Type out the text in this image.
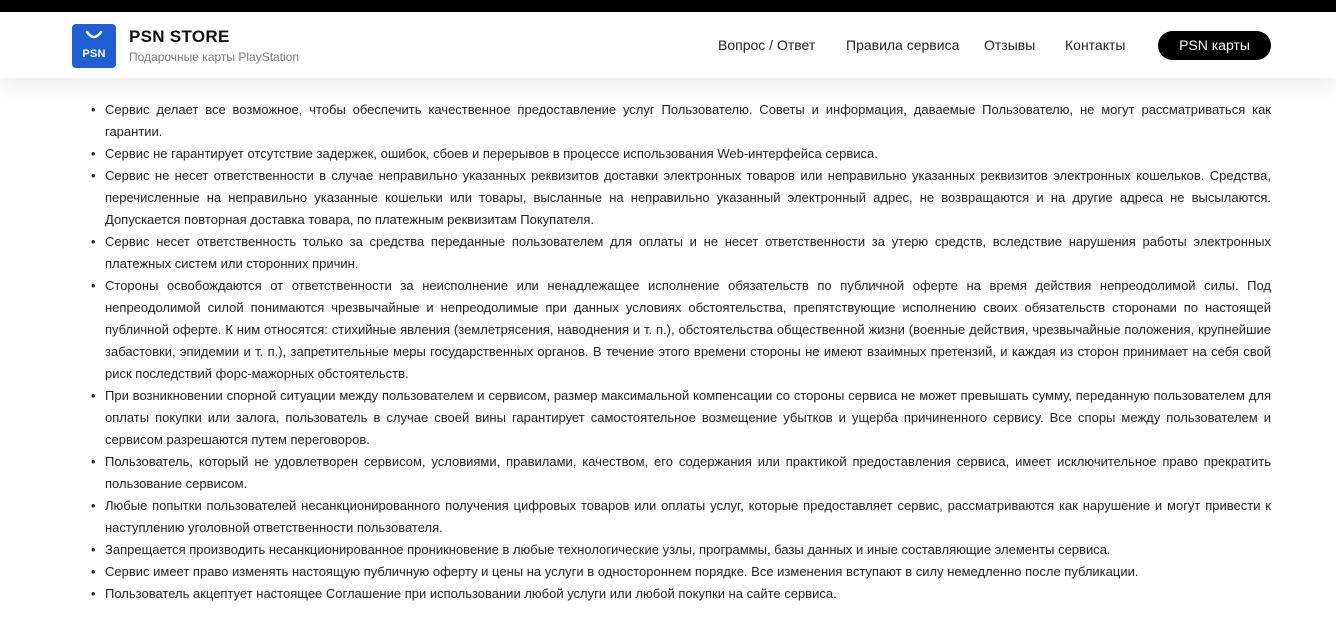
PSN
PSN STORE
Подарочные карты PlayStation
Вопрос / Ответ Правила сервиса Отзывы Контакты	PSN карты
• Сервис делает все возможное, чтобы обеспечить качественное предоставление услуг Пользователю. Советы и информация, даваемые Пользователю, не могут рассматриваться как гарантии.
• Сервис не гарантирует отсутствие задержек, ошибок, сбоев и перерывов в процессе использования Web-интерфейса сервиса.
• Сервис не несет ответственности в случае неправильно указанных реквизитов доставки электронных товаров или неправильно указанных реквизитов электронных кошельков. Средства, перечисленные на неправильно указанные кошельки или товары, высланные на неправильно указанный электронный адрес, не возвращаются и на другие адреса не высылаются. Допускается повторная доставка товара, по платежным реквизитам Покупателя.
• Сервис несет ответственность только за средства переданные пользователем для оплаты и не несет ответственности за утерю средств, вследствие нарушения работы электронных платежных систем или сторонних причин.
• Стороны освобождаются от ответственности за неисполнение или ненадлежащее исполнение обязательств по публичной оферте на время действия непреодолимой силы. Под непреодолимой силой понимаются чрезвычайные и непреодолимые при данных условиях обстоятельства, препятствующие исполнению своих обязательств сторонами по настоящей публичной оферте. К ним относятся: стихийные явления (землетрясения, наводнения и т. п.), обстоятельства общественной жизни (военные действия, чрезвычайные положения, крупнейшие забастовки, эпидемии и т. п.), запретительные меры государственных органов. В течение этого времени стороны не имеют взаимных претензий, и каждая из сторон принимает на себя свой риск последствий форс-мажорных обстоятельств.
• При возникновении спорной ситуации между пользователем и сервисом, размер максимальной компенсации со стороны сервиса не может превышать сумму, переданную пользователем для оплаты покупки или залога, пользователь в случае своей вины гарантирует самостоятельное возмещение убытков и ущерба причиненного сервису. Все споры между пользователем и сервисом разрешаются путем переговоров.
• Пользователь, который не удовлетворен сервисом, условиями, правилами, качеством, его содержания или практикой предоставления сервиса, имеет исключительное право прекратить пользование сервисом.
• Любые попытки пользователей несанкционированного получения цифровых товаров или оплаты услуг, которые предоставляет сервис, рассматриваются как нарушение и могут привести к наступлению уголовной ответственности пользователя.
• Запрещается производить несанкционированное проникновение в любые технологические узлы, программы, базы данных и иные составляющие элементы сервиса.
• Сервис имеет право изменять настоящую публичную оферту и цены на услуги в одностороннем порядке. Все изменения вступают в силу немедленно после публикации.
• Пользователь акцептует настоящее Соглашение при использовании любой услуги или любой покупки на сайте сервиса.
